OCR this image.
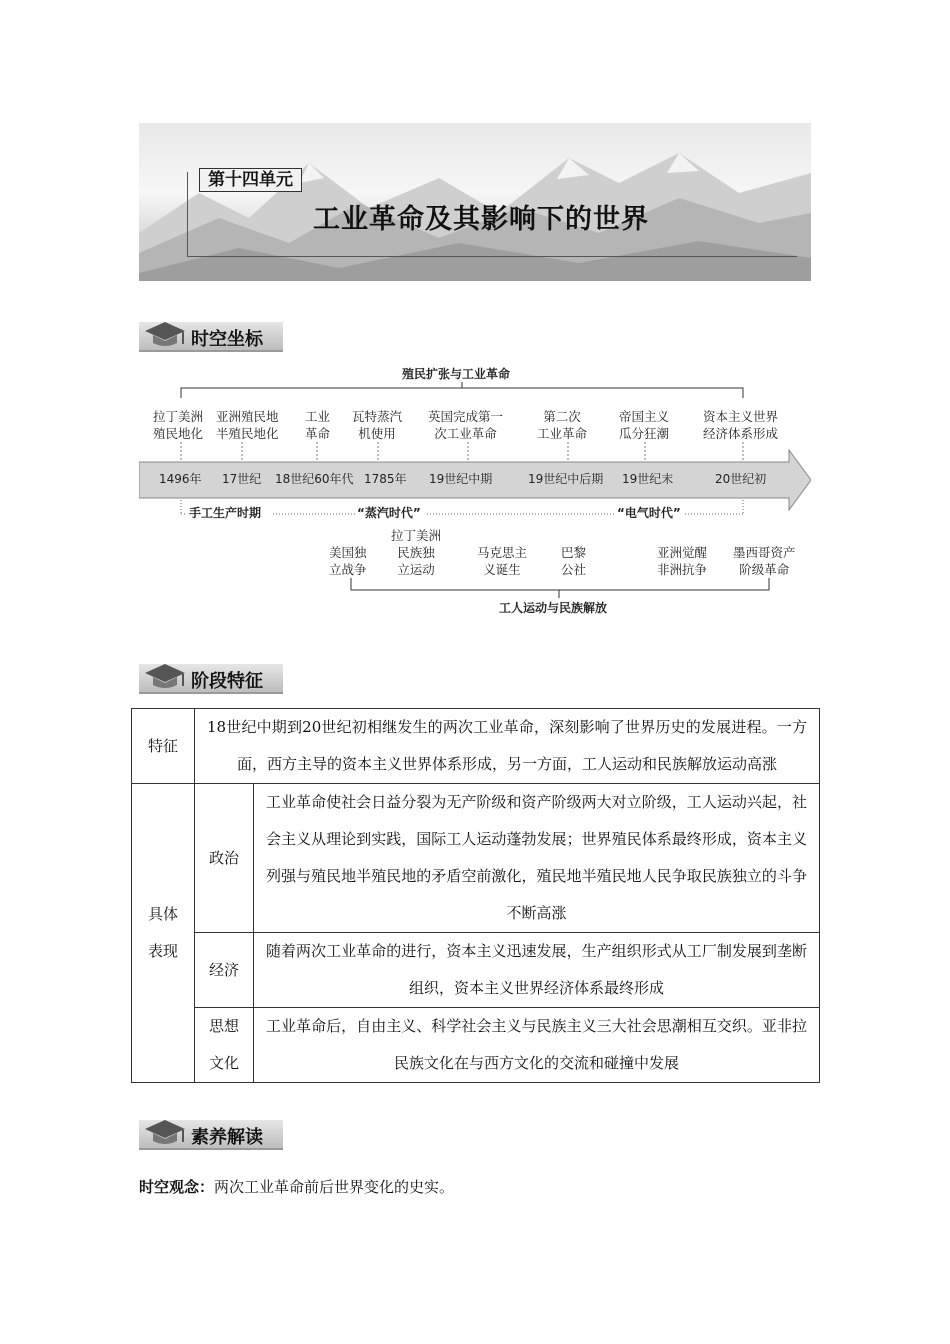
第十四单元
工业革命及其影响下的世界
时空坐标
殖民扩张与工业革命
拉丁美洲
殖民地化
亚洲殖民地
半殖民地化
工业
革命
瓦特蒸汽
机使用
英国完成第一
次工业革命
第二次
工业革命
帝国主义
瓜分狂潮
资本主义世界
经济体系形成
1496年 17世纪 18世纪60年代 1785年 19世纪中期	19世纪中后期 19世纪末	20世纪初
手工生产时期	“蒸汽时代”	“电气时代”
美国独
立战争
拉丁美洲
民族独
立运动
马克思主
义诞生
巴黎
公社
亚洲觉醒
非洲抗争
墨西哥资产
阶级革命
工人运动与民族解放
阶段特征
特征	18世纪中期到20世纪初相继发生的两次工业革命，深刻影响了世界历史的发展进程。一方面，西方主导的资本主义世界体系形成，另一方面，工人运动和民族解放运动高涨	

具体表现	政治	工业革命使社会日益分裂为无产阶级和资产阶级两大对立阶级，工人运动兴起，社会主义从理论到实践，国际工人运动蓬勃发展；世界殖民体系最终形成，资本主义列强与殖民地半殖民地的矛盾空前激化，殖民地半殖民地人民争取民族独立的斗争不断高涨
	经济	随着两次工业革命的进行，资本主义迅速发展，生产组织形式从工厂制发展到垄断组织，资本主义世界经济体系最终形成

	思想文化	工业革命后，自由主义、科学社会主义与民族主义三大社会思潮相互交织。亚非拉民族文化在与西方文化的交流和碰撞中发展
素养解读
时空观念：两次工业革命前后世界变化的史实。
